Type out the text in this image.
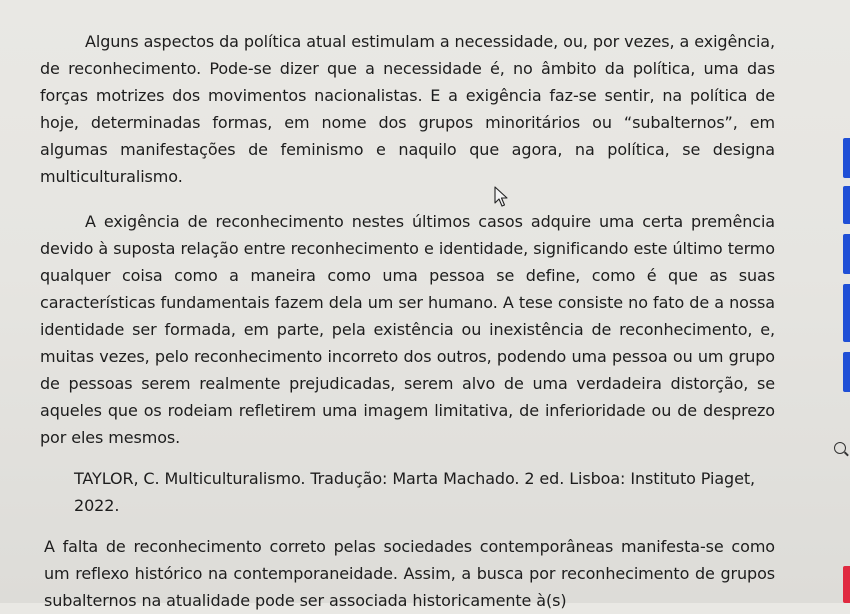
Alguns aspectos da política atual estimulam a necessidade, ou, por vezes, a exigência, de reconhecimento. Pode-se dizer que a necessidade é, no âmbito da política, uma das forças motrizes dos movimentos nacionalistas. E a exigência faz-se sentir, na política de hoje, determinadas formas, em nome dos grupos minoritários ou “subalternos”, em algumas manifestações de feminismo e naquilo que agora, na política, se designa multiculturalismo.

A exigência de reconhecimento nestes últimos casos adquire uma certa premência devido à suposta relação entre reconhecimento e identidade, significando este último termo qualquer coisa como a maneira como uma pessoa se define, como é que as suas características fundamentais fazem dela um ser humano. A tese consiste no fato de a nossa identidade ser formada, em parte, pela existência ou inexistência de reconhecimento, e, muitas vezes, pelo reconhecimento incorreto dos outros, podendo uma pessoa ou um grupo de pessoas serem realmente prejudicadas, serem alvo de uma verdadeira distorção, se aqueles que os rodeiam refletirem uma imagem limitativa, de inferioridade ou de desprezo por eles mesmos.

TAYLOR, C. Multiculturalismo. Tradução: Marta Machado. 2 ed. Lisboa: Instituto Piaget, 2022.

A falta de reconhecimento correto pelas sociedades contemporâneas manifesta-se como um reflexo histórico na contemporaneidade. Assim, a busca por reconhecimento de grupos subalternos na atualidade pode ser associada historicamente à(s)
